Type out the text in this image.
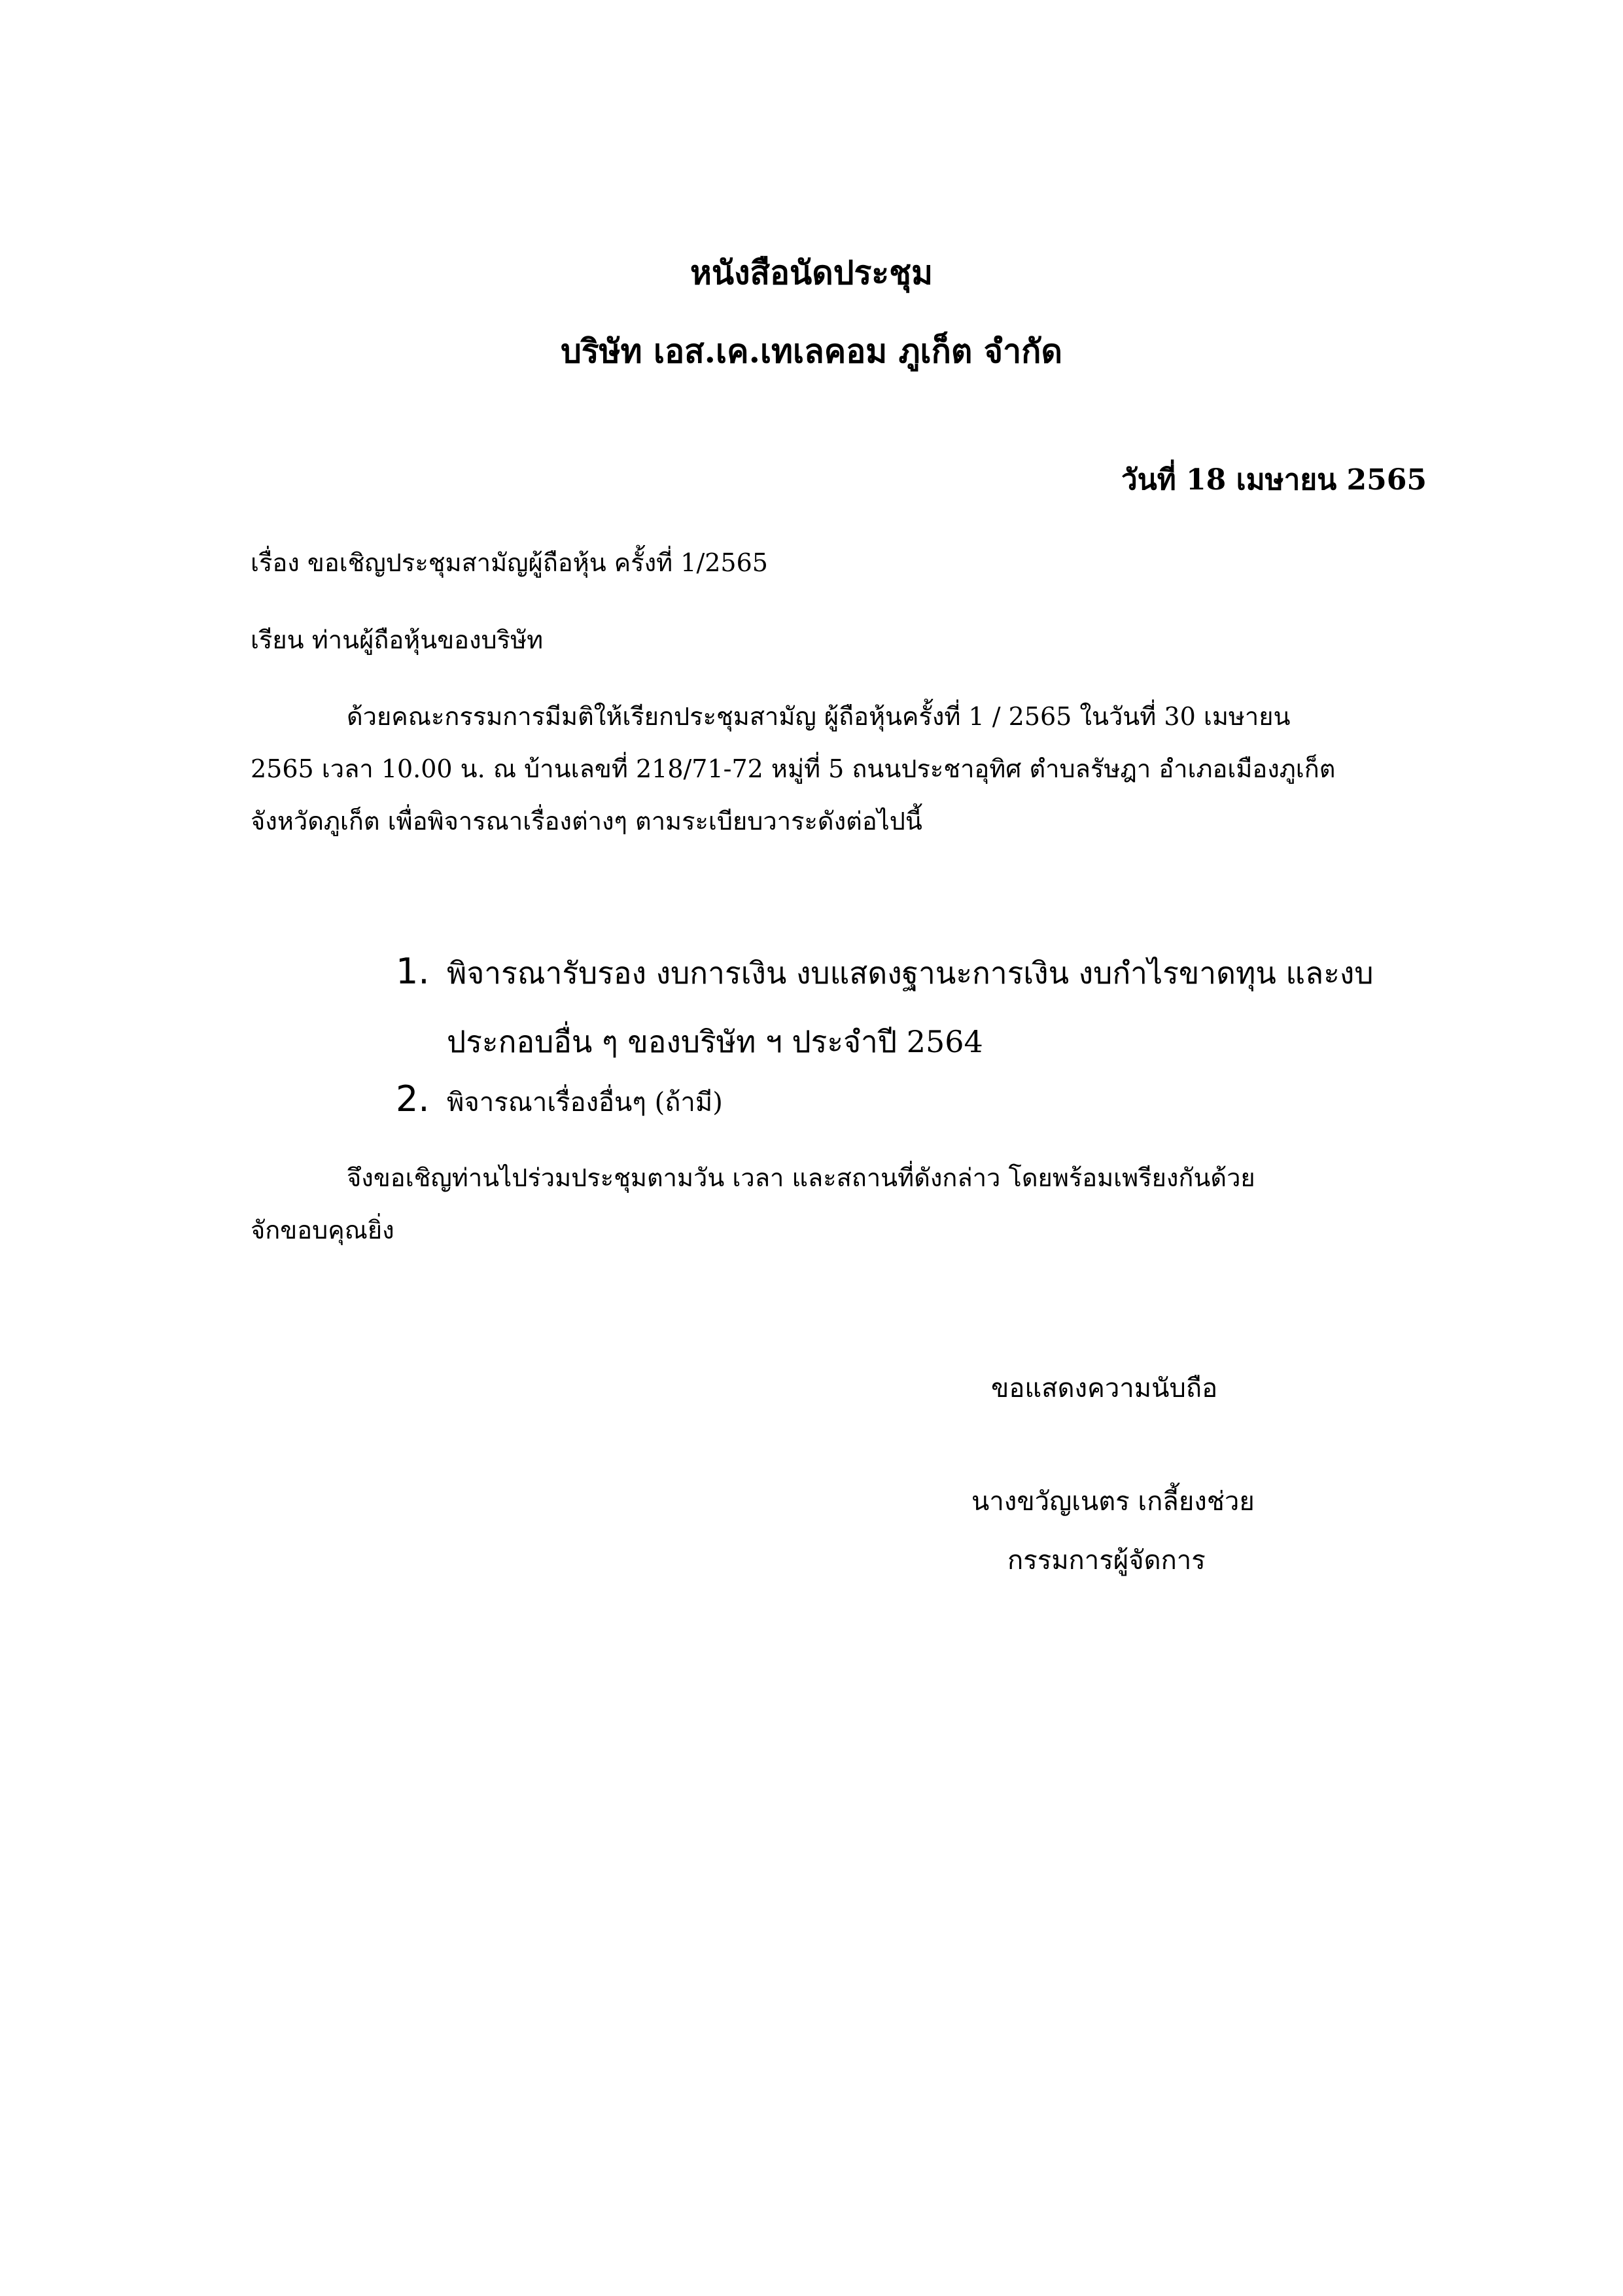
หนังสือนัดประชุม
บริษัท เอส.เค.เทเลคอม ภูเก็ต จำกัด
วันที่ 18 เมษายน 2565
เรื่อง ขอเชิญประชุมสามัญผู้ถือหุ้น ครั้งที่ 1/2565
เรียน ท่านผู้ถือหุ้นของบริษัท
ด้วยคณะกรรมการมีมติให้เรียกประชุมสามัญ ผู้ถือหุ้นครั้งที่ 1 / 2565 ในวันที่ 30 เมษายน
2565 เวลา 10.00 น. ณ บ้านเลขที่ 218/71-72 หมู่ที่ 5 ถนนประชาอุทิศ ตำบลรัษฎา อำเภอเมืองภูเก็ต
จังหวัดภูเก็ต เพื่อพิจารณาเรื่องต่างๆ ตามระเบียบวาระดังต่อไปนี้
1. พิจารณารับรอง งบการเงิน งบแสดงฐานะการเงิน งบกำไรขาดทุน และงบ
ประกอบอื่น ๆ ของบริษัท ฯ ประจำปี 2564
2. พิจารณาเรื่องอื่นๆ (ถ้ามี)
จึงขอเชิญท่านไปร่วมประชุมตามวัน เวลา และสถานที่ดังกล่าว โดยพร้อมเพรียงกันด้วย
จักขอบคุณยิ่ง
ขอแสดงความนับถือ
นางขวัญเนตร เกลี้ยงช่วย
กรรมการผู้จัดการ
